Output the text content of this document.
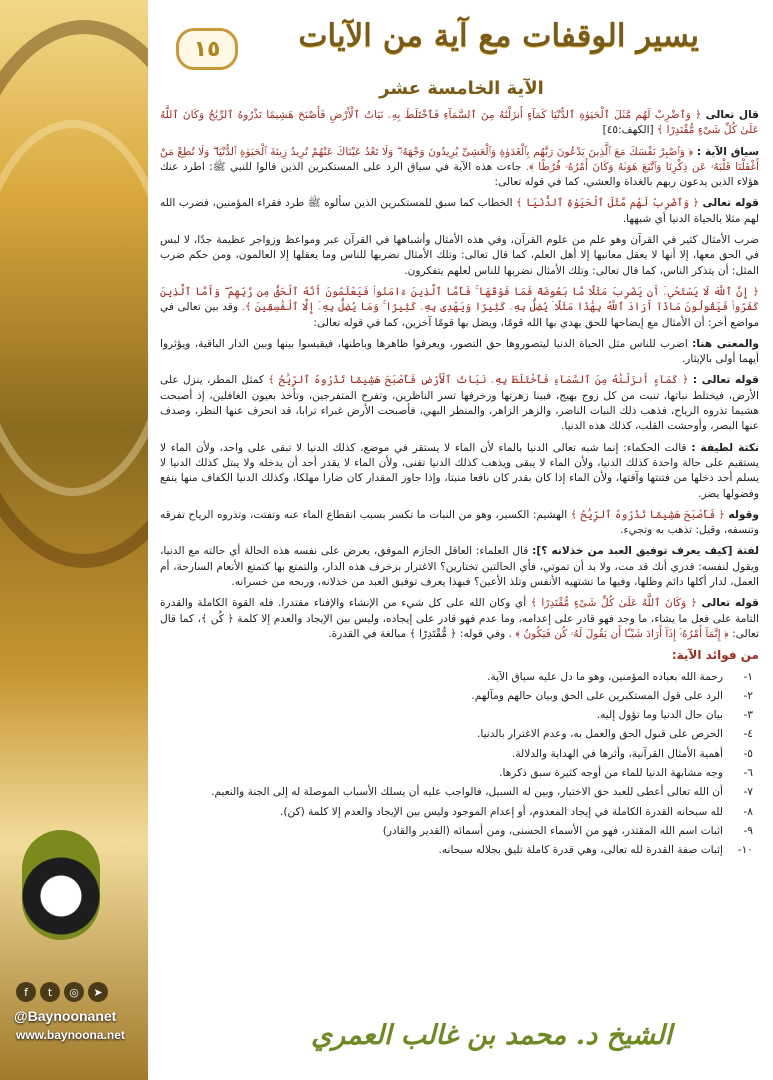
f	t	◎	➤
@Baynoonanet
www.baynoona.net
يسير الوقفات مع آية من الآيات
١٥
الآية الخامسة عشر

قال تعالى ﴿ وَٱضْرِبْ لَهُم مَّثَلَ ٱلْحَيَوٰةِ ٱلدُّنْيَا كَمَآءٍ أَنزَلْنَٰهُ مِنَ ٱلسَّمَآءِ فَٱخْتَلَطَ بِهِۦ نَبَاتُ ٱلْأَرْضِ فَأَصْبَحَ هَشِيمًا تَذْرُوهُ ٱلرِّيَٰحُ وَكَانَ ٱللَّهُ عَلَىٰ كُلِّ شَىْءٍ مُّقْتَدِرًا ﴾ [الكهف:٤٥]

سياق الآية : ﴿ وَٱصْبِرْ نَفْسَكَ مَعَ ٱلَّذِينَ يَدْعُونَ رَبَّهُم بِٱلْغَدَوٰةِ وَٱلْعَشِىِّ يُرِيدُونَ وَجْهَهُۥ ۖ وَلَا تَعْدُ عَيْنَاكَ عَنْهُمْ تُرِيدُ زِينَةَ ٱلْحَيَوٰةِ ٱلدُّنْيَا ۖ وَلَا تُطِعْ مَنْ أَغْفَلْنَا قَلْبَهُۥ عَن ذِكْرِنَا وَٱتَّبَعَ هَوَىٰهُ وَكَانَ أَمْرُهُۥ فُرُطًا ﴾. جاءت هذه الآية في سياق الرد على المستكبرين الذين قالوا للنبي ﷺ: اطرد عنك هؤلاء الذين يدعون ربهم بالغداة والعشي، كما في قوله تعالى:

قوله تعالى ﴿ وَٱضْرِبْ لَهُم مَّثَلَ ٱلْحَيَوٰةِ ٱلدُّنْيَا ﴾ الخطاب كما سبق للمستكبرين الذين سألوه ﷺ طرد فقراء المؤمنين، فضرب الله لهم مثلا بالحياة الدنيا أي شبهها.

ضرب الأمثال كثير في القرآن وهو علم من علوم القرآن، وفي هذه الأمثال وأشباهها في القرآن عبر ومواعظ وزواجر عظيمة جدًا، لا لبس في الحق معها، إلا أنها لا يعقل معانيها إلا أهل العلم، كما قال تعالى: وتلك الأمثال نضربها للناس وما يعقلها إلا العالمون، ومن حكم ضرب المثل: أن يتذكر الناس، كما قال تعالى: وتلك الأمثال نضربها للناس لعلهم يتفكرون.

﴿ إِنَّ ٱللَّهَ لَا يَسْتَحْىِۦٓ أَن يَضْرِبَ مَثَلًا مَّا بَعُوضَةً فَمَا فَوْقَهَا ۚ فَأَمَّا ٱلَّذِينَ ءَامَنُوا۟ فَيَعْلَمُونَ أَنَّهُ ٱلْحَقُّ مِن رَّبِّهِمْ ۖ وَأَمَّا ٱلَّذِينَ كَفَرُوا۟ فَيَقُولُونَ مَاذَآ أَرَادَ ٱللَّهُ بِهَٰذَا مَثَلًا ۘ يُضِلُّ بِهِۦ كَثِيرًا وَيَهْدِى بِهِۦ كَثِيرًا ۚ وَمَا يُضِلُّ بِهِۦٓ إِلَّا ٱلْفَٰسِقِينَ ﴾. وقد بين تعالى في مواضع أخر: أن الأمثال مع إيضاحها للحق يهدي بها الله قومًا، ويضل بها قومًا آخرين، كما في قوله تعالى:

والمعنى هنا: اضرب للناس مثل الحياة الدنيا ليتصوروها حق التصور، ويعرفوا ظاهرها وباطنها، فيقيسوا بينها وبين الدار الباقية، ويؤثروا أيهما أولى بالإيثار.

قوله تعالى : ﴿ كَمَآءٍ أَنزَلْنَٰهُ مِنَ ٱلسَّمَآءِ فَٱخْتَلَطَ بِهِۦ نَبَاتُ ٱلْأَرْضِ فَأَصْبَحَ هَشِيمًا تَذْرُوهُ ٱلرِّيَٰحُ ﴾ كمثل المطر، ينزل على الأرض، فيختلط نباتها، تنبت من كل زوج بهيج، فبينا زهرتها وزخرفها تسر الناظرين، وتفرح المتفرجين، وتأخذ بعيون الغافلين، إذ أصبحت هشيما تذروه الرياح، فذهب ذلك النبات الناضر، والزهر الزاهر، والمنظر البهي، فأصبحت الأرض غبراء ترابا، قد انحرف عنها النظر، وصدف عنها البصر، وأوحشت القلب، كذلك هذه الدنيا.

نكتة لطيفة : قالت الحكماء: إنما شبه تعالى الدنيا بالماء لأن الماء لا يستقر في موضع، كذلك الدنيا لا تبقى على واحد، ولأن الماء لا يستقيم على حالة واحدة كذلك الدنيا، ولأن الماء لا يبقى ويذهب كذلك الدنيا تفنى، ولأن الماء لا يقدر أحد أن يدخله ولا يبتل كذلك الدنيا لا يسلم أحد دخلها من فتنتها وآفتها، ولأن الماء إذا كان بقدر كان نافعا منبتا، وإذا جاوز المقدار كان ضارا مهلكا، وكذلك الدنيا الكفاف منها ينفع وفضولها يضر.

وقوله ﴿ فَأَصْبَحَ هَشِيمًا تَذْرُوهُ ٱلرِّيَٰحُ ﴾ الهشيم: الكسير، وهو من النبات ما تكسر بسبب انقطاع الماء عنه وتفتت، وتذروه الرياح تفرقه وتنسفه، وقيل: تذهب به وتجيء.

لفتة [كيف يعرف توفيق العبد من خذلانه ؟]: قال العلماء: العاقل الجازم الموفق، يعرض على نفسه هذه الحالة أي حالته مع الدنيا، ويقول لنفسه: قدري أنك قد مت، ولا بد أن تموتي، فأي الحالتين تختارين؟ الاغترار بزخرف هذه الدار، والتمتع بها كتمتع الأنعام السارحة، أم العمل، لدار أكلها دائم وظلها، وفيها ما تشتهيه الأنفس وتلذ الأعين؟ فبهذا يعرف توفيق العبد من خذلانه، وربحه من خسرانه.

قوله تعالى ﴿ وَكَانَ ٱللَّهُ عَلَىٰ كُلِّ شَىْءٍ مُّقْتَدِرًا ﴾ أي وكان الله على كل شيء من الإنشاء والإفناء مقتدرا. فله القوة الكاملة والقدرة التامة على فعل ما يشاء، ما وجد فهو قادر على إعدامه، وما عدم فهو قادر على إيجاده، وليس بين الإيجاد والعدم إلا كلمة ﴿ كُن ﴾، كما قال تعالى: ﴿ إِنَّمَآ أَمْرُهُۥٓ إِذَآ أَرَادَ شَيْـًٔا أَن يَقُولَ لَهُۥ كُن فَيَكُونُ ﴾ . وفي قوله: ﴿ مُّقْتَدِرًا ﴾ مبالغة في القدرة.

من فوائد الآية:
١-
رحمة الله بعباده المؤمنين، وهو ما دل عليه سياق الآية.
٢-
الرد على قول المستكبرين على الحق وبيان حالهم ومآلهم.
٣-
بيان حال الدنيا وما تؤول إليه.
٤-
الحرص على قبول الحق والعمل به، وعدم الاغترار بالدنيا.
٥-
أهمية الأمثال القرآنية، وأثرها في الهداية والدلالة.
٦-
وجه مشابهة الدنيا للماء من أوجه كثيرة سبق ذكرها.
٧-
أن الله تعالى أعطى للعبد حق الاختيار، وبين له السبيل، فالواجب عليه أن يسلك الأسباب الموصلة له إلى الجنة والنعيم.
٨-
لله سبحانه القدرة الكاملة في إيجاد المعدوم، أو إعدام الموجود وليس بين الإيجاد والعدم إلا كلمة (كن).
٩-
اثبات اسم الله المقتدر، فهو من الأسماء الحسنى، ومن أسمائه (القدير والقادر)
١٠-
إثبات صفة القدرة لله تعالى، وهي قدرة كاملة تليق بجلاله سبحانه.
الشيخ د. محمد بن غالب العمري
